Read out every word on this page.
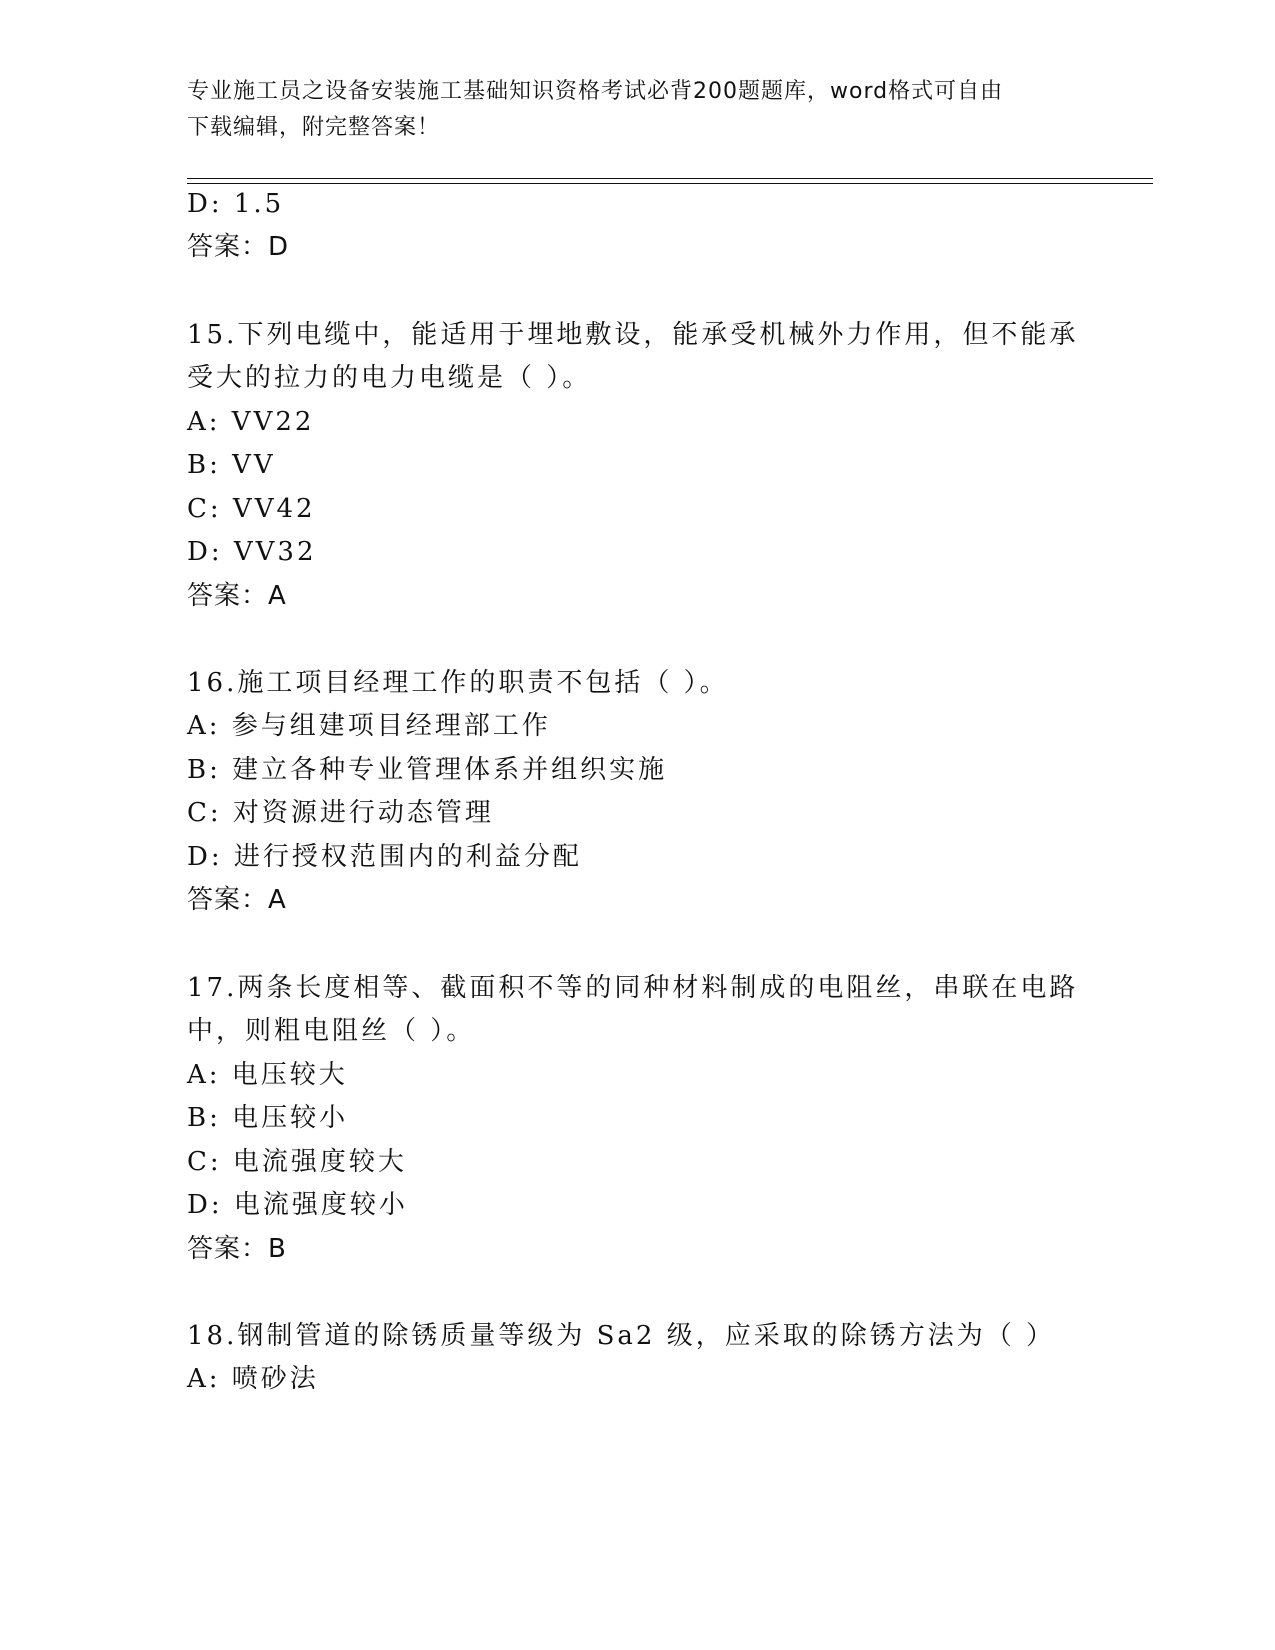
专业施工员之设备安装施工基础知识资格考试必背200题题库，word格式可自由
下载编辑，附完整答案！
D: 1.5
答案：D
15.下列电缆中，能适用于埋地敷设，能承受机械外力作用，但不能承
受大的拉力的电力电缆是（ ）。
A: VV22
B: VV
C: VV42
D: VV32
答案：A
16.施工项目经理工作的职责不包括（ ）。
A: 参与组建项目经理部工作
B: 建立各种专业管理体系并组织实施
C: 对资源进行动态管理
D: 进行授权范围内的利益分配
答案：A
17.两条长度相等、截面积不等的同种材料制成的电阻丝，串联在电路
中，则粗电阻丝（ ）。
A: 电压较大
B: 电压较小
C: 电流强度较大
D: 电流强度较小
答案：B
18.钢制管道的除锈质量等级为 Sa2 级，应采取的除锈方法为（ ）
A: 喷砂法
